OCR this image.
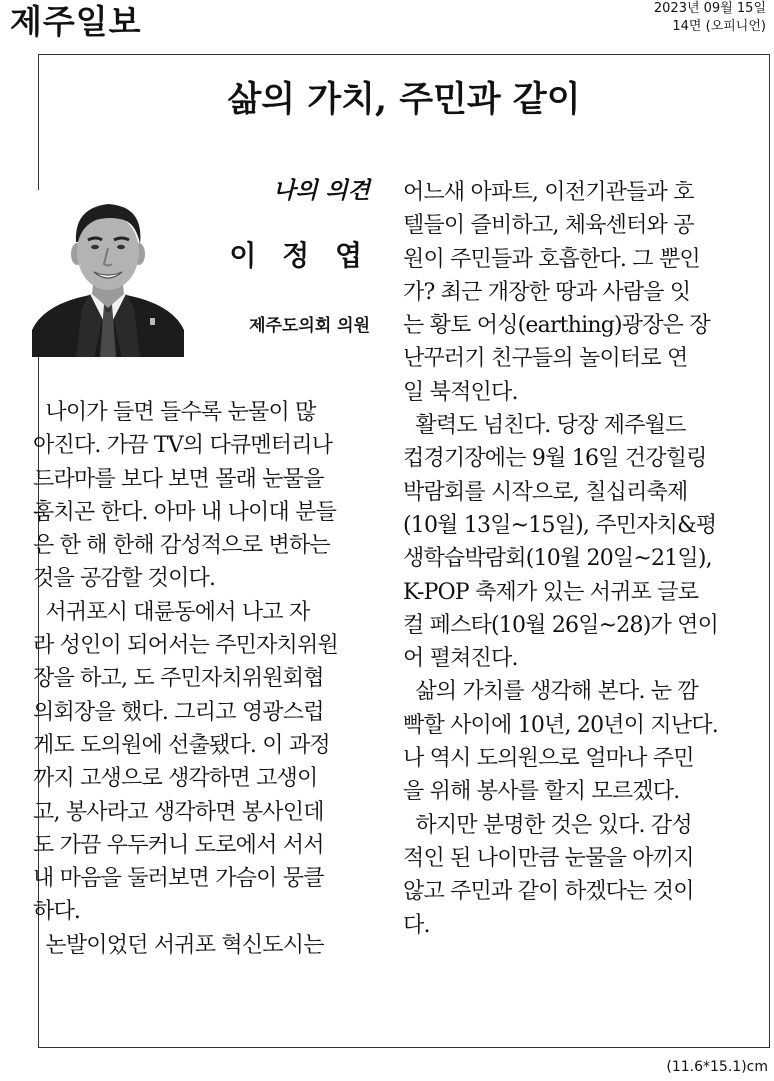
제주일보	2023년 09월 15일
14면 (오피니언)
삶의 가치, 주민과 같이
나의 의견
이 정 엽
제주도의회 의원
나이가 들면 들수록 눈물이 많
아진다. 가끔 TV의 다큐멘터리나
드라마를 보다 보면 몰래 눈물을
훔치곤 한다. 아마 내 나이대 분들
은 한 해 한해 감성적으로 변하는
것을 공감할 것이다.
서귀포시 대륜동에서 나고 자
라 성인이 되어서는 주민자치위원
장을 하고, 도 주민자치위원회협
의회장을 했다. 그리고 영광스럽
게도 도의원에 선출됐다. 이 과정
까지 고생으로 생각하면 고생이
고, 봉사라고 생각하면 봉사인데
도 가끔 우두커니 도로에서 서서
내 마음을 둘러보면 가슴이 뭉클
하다.
논발이었던 서귀포 혁신도시는
어느새 아파트, 이전기관들과 호
텔들이 즐비하고, 체육센터와 공
원이 주민들과 호흡한다. 그 뿐인
가? 최근 개장한 땅과 사람을 잇
는 황토 어싱(earthing)광장은 장
난꾸러기 친구들의 놀이터로 연
일 북적인다.
활력도 넘친다. 당장 제주월드
컵경기장에는 9월 16일 건강힐링
박람회를 시작으로, 칠십리축제
(10월 13일~15일), 주민자치&평
생학습박람회(10월 20일~21일),
K-POP 축제가 있는 서귀포 글로
컬 페스타(10월 26일~28)가 연이
어 펼쳐진다.
삶의 가치를 생각해 본다. 눈 깜
빡할 사이에 10년, 20년이 지난다.
나 역시 도의원으로 얼마나 주민
을 위해 봉사를 할지 모르겠다.
하지만 분명한 것은 있다. 감성
적인 된 나이만큼 눈물을 아끼지
않고 주민과 같이 하겠다는 것이
다.
(11.6*15.1)cm
